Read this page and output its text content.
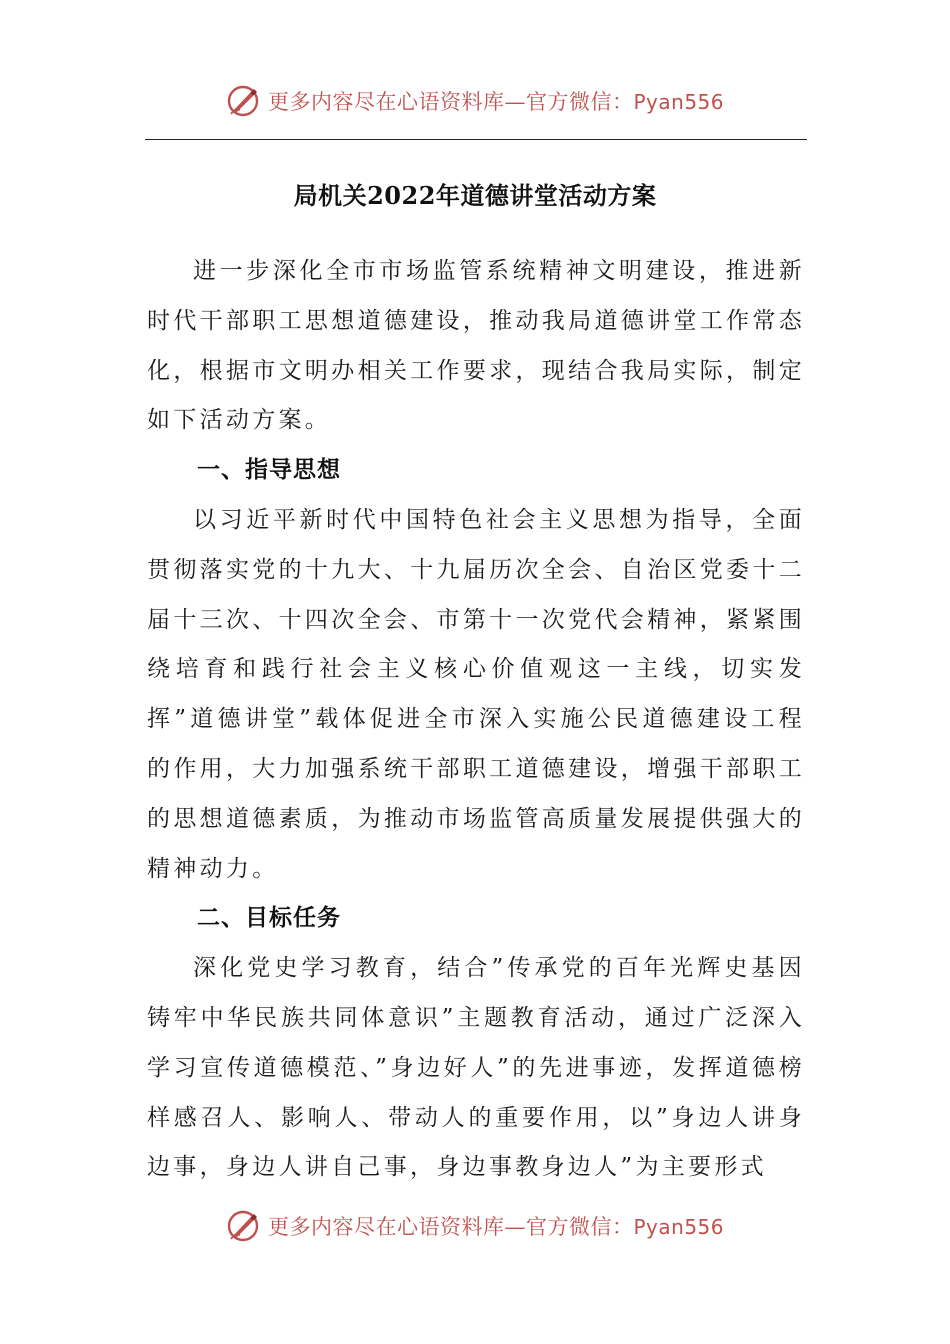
更多内容尽在心语资料库—官方微信：Pyan556
局机关2022年道德讲堂活动方案

进一步深化全市市场监管系统精神文明建设，推进新时代干部职工思想道德建设，推动我局道德讲堂工作常态化，根据市文明办相关工作要求，现结合我局实际，制定如下活动方案。

一、指导思想

以习近平新时代中国特色社会主义思想为指导，全面贯彻落实党的十九大、十九届历次全会、自治区党委十二届十三次、十四次全会、市第十一次党代会精神，紧紧围绕培育和践行社会主义核心价值观这一主线，切实发挥”道德讲堂”载体促进全市深入实施公民道德建设工程的作用，大力加强系统干部职工道德建设，增强干部职工的思想道德素质，为推动市场监管高质量发展提供强大的精神动力。

二、目标任务

深化党史学习教育，结合”传承党的百年光辉史基因铸牢中华民族共同体意识”主题教育活动，通过广泛深入学习宣传道德模范、”身边好人”的先进事迹，发挥道德榜样感召人、影响人、带动人的重要作用，以”身边人讲身边事，身边人讲自己事，身边事教身边人”为主要形式

更多内容尽在心语资料库—官方微信：Pyan556
